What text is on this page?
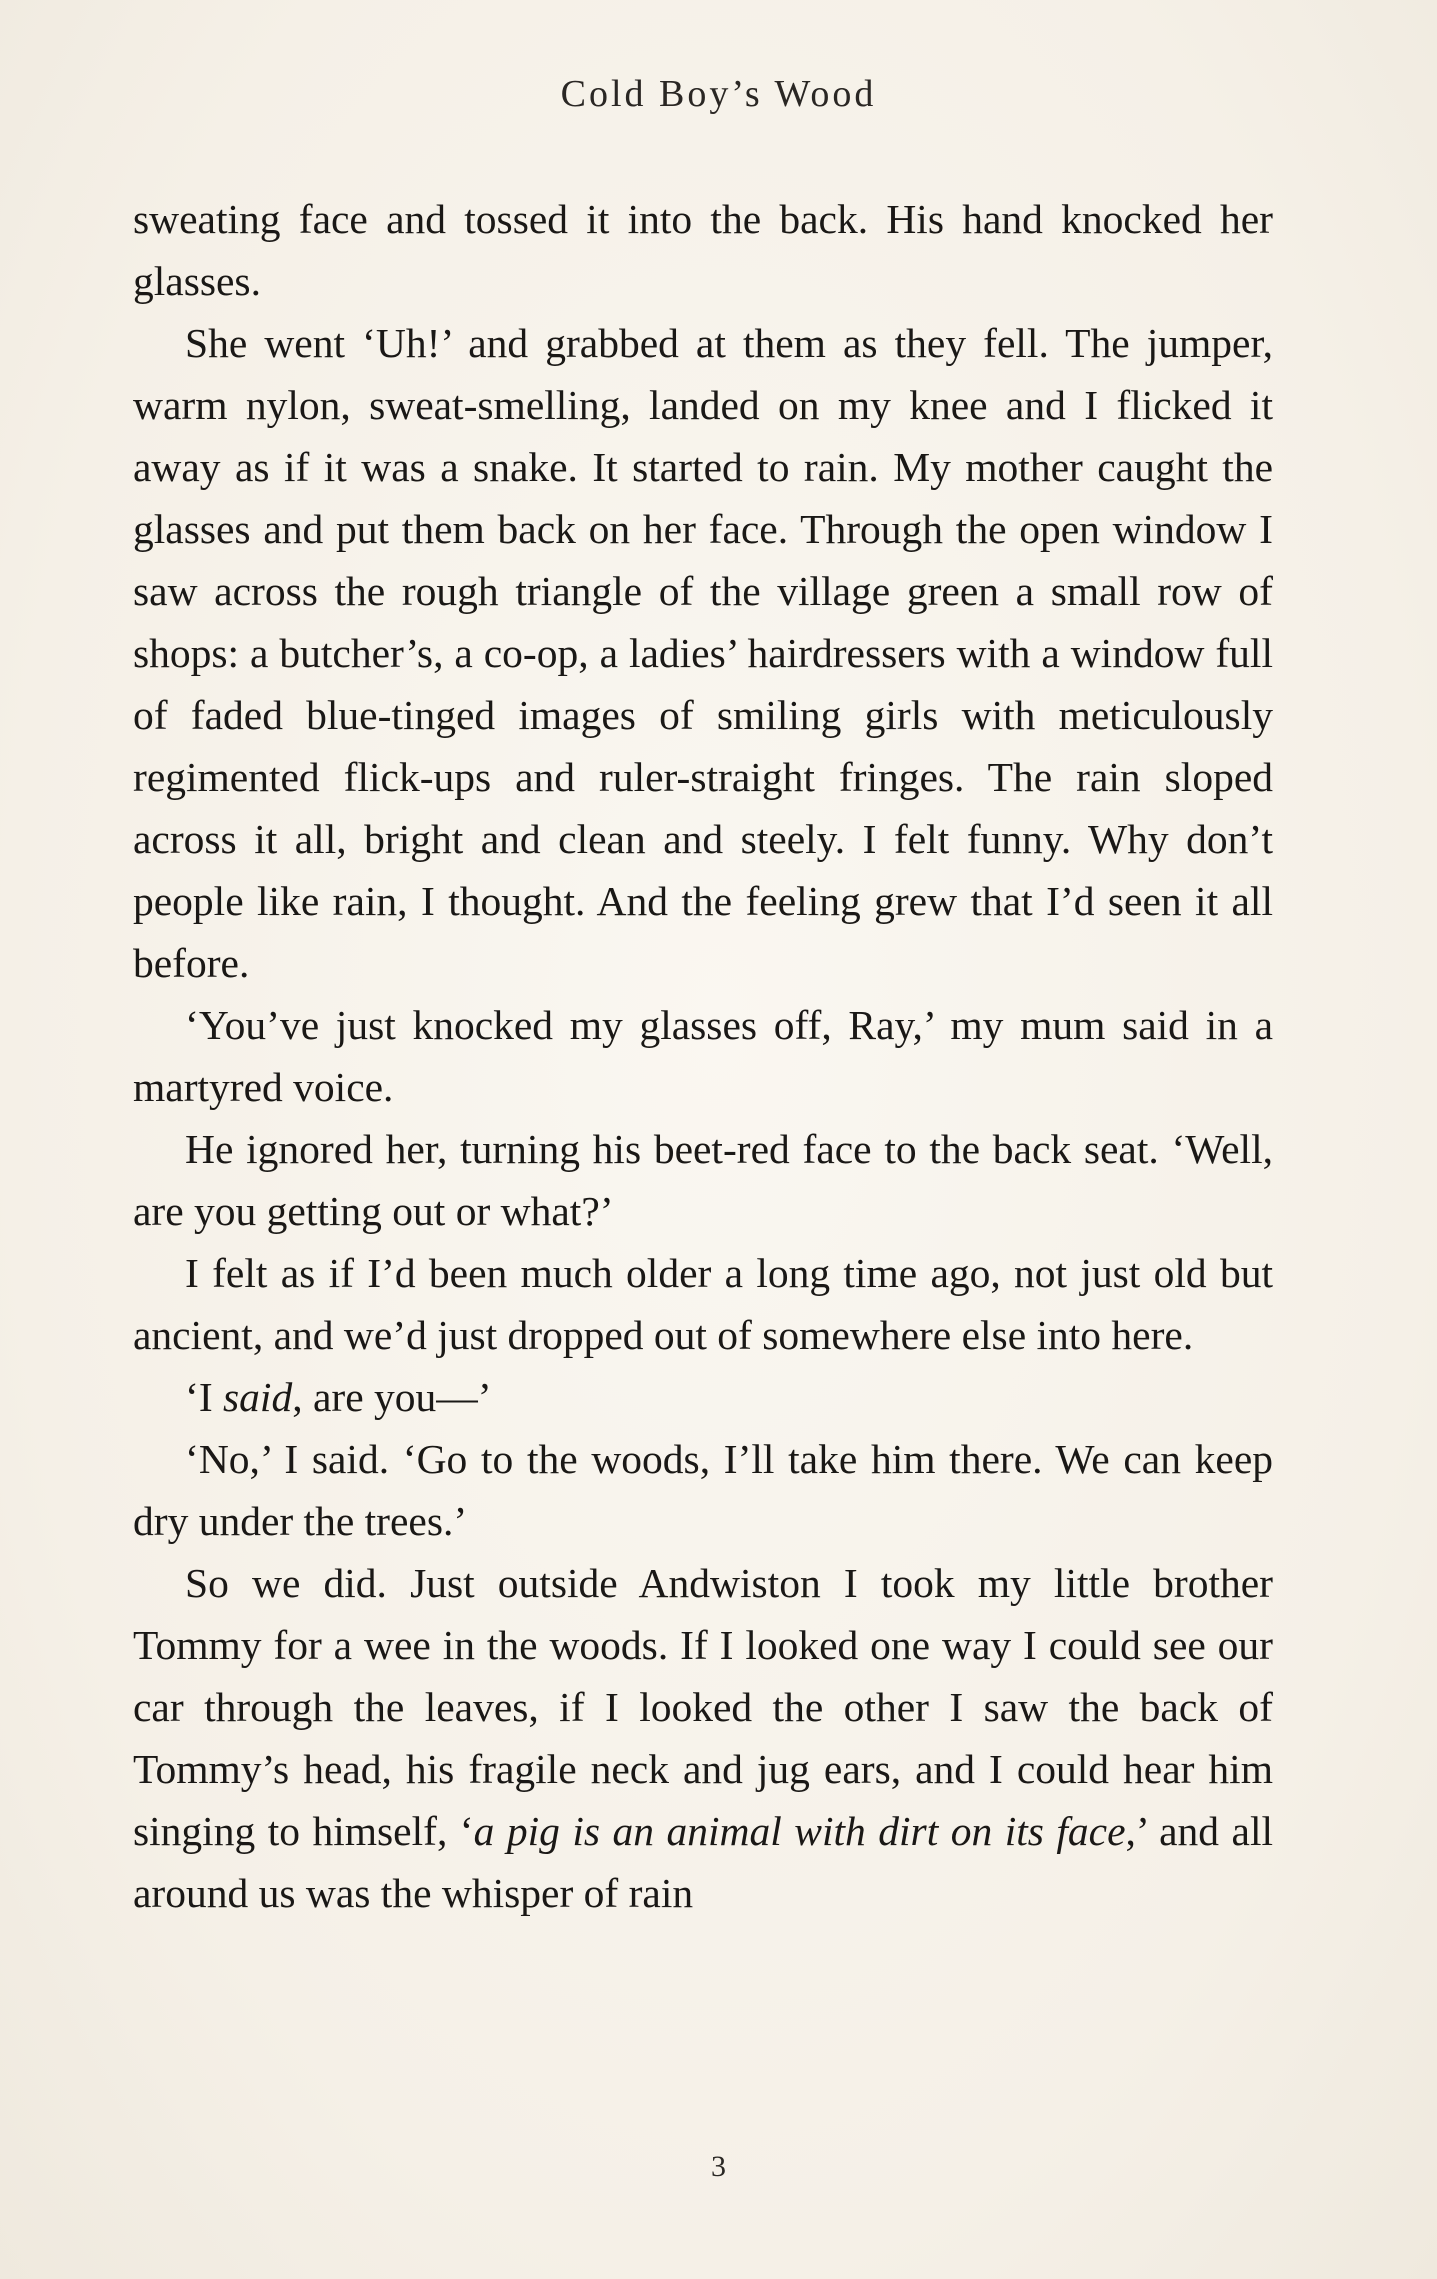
Cold Boy’s Wood

sweating face and tossed it into the back. His hand knocked her glasses.

She went ‘Uh!’ and grabbed at them as they fell. The jumper, warm nylon, sweat-smelling, landed on my knee and I flicked it away as if it was a snake. It started to rain. My mother caught the glasses and put them back on her face. Through the open window I saw across the rough triangle of the village green a small row of shops: a butcher’s, a co-op, a ladies’ hairdressers with a window full of faded blue-tinged images of smiling girls with meticulously regimented flick-ups and ruler-straight fringes. The rain sloped across it all, bright and clean and steely. I felt funny. Why don’t people like rain, I thought. And the feeling grew that I’d seen it all before.

‘You’ve just knocked my glasses off, Ray,’ my mum said in a martyred voice.

He ignored her, turning his beet-red face to the back seat. ‘Well, are you getting out or what?’

I felt as if I’d been much older a long time ago, not just old but ancient, and we’d just dropped out of somewhere else into here.

‘I said, are you—’

‘No,’ I said. ‘Go to the woods, I’ll take him there. We can keep dry under the trees.’

So we did. Just outside Andwiston I took my little brother Tommy for a wee in the woods. If I looked one way I could see our car through the leaves, if I looked the other I saw the back of Tommy’s head, his fragile neck and jug ears, and I could hear him singing to himself, ‘a pig is an animal with dirt on its face,’ and all around us was the whisper of rain

3
